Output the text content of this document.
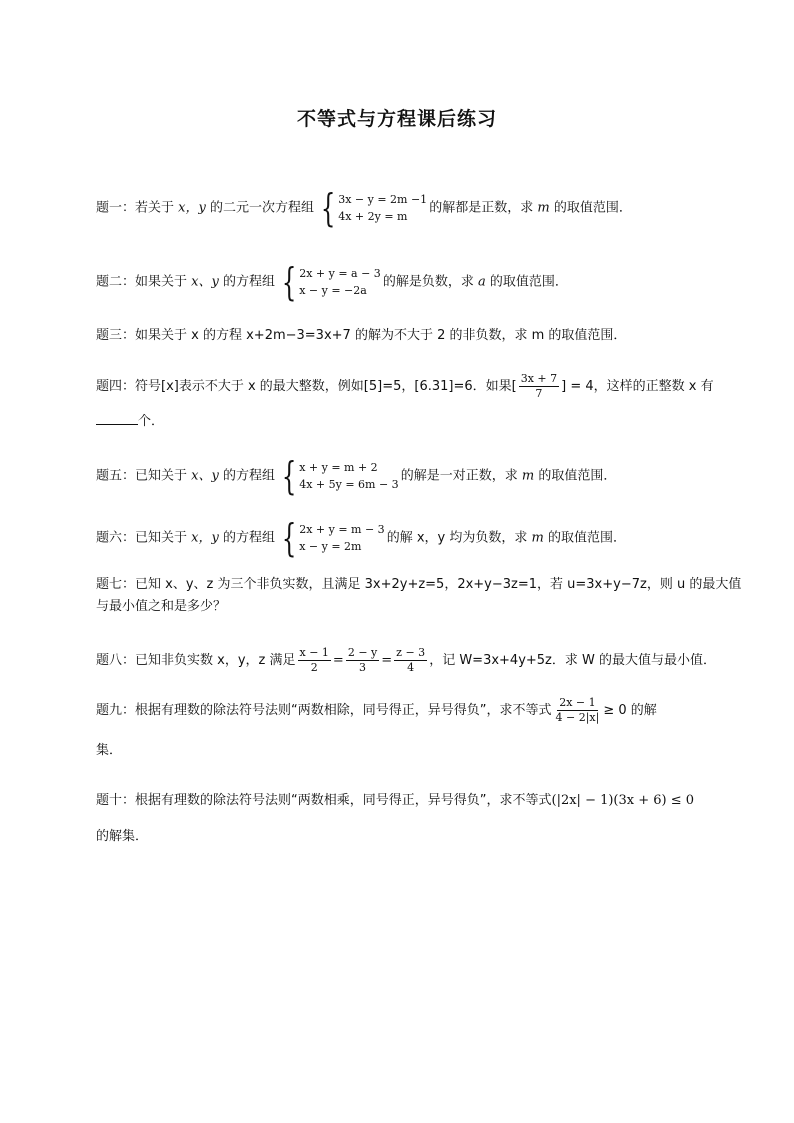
不等式与方程课后练习
题一：若关于 x，y 的二元一次方程组 { 3x − y = 2m −1
4x + 2y = m
的解都是正数，求 m 的取值范围．
题二：如果关于 x、y 的方程组 { 2x + y = a − 3
x − y = −2a
的解是负数，求 a 的取值范围．
题三：如果关于 x 的方程 x+2m−3=3x+7 的解为不大于 2 的非负数，求 m 的取值范围．
题四：符号[x]表示不大于 x 的最大整数，例如[5]=5，[6.31]=6．如果[ $\frac{3x + 7}{7}$ ] = 4，这样的正整数 x 有
个．
题五：已知关于 x、y 的方程组 { x + y = m + 2
4x + 5y = 6m − 3
的解是一对正数，求 m 的取值范围．
题六：已知关于 x，y 的方程组 { 2x + y = m − 3
x − y = 2m
的解 x，y 均为负数，求 m 的取值范围．
题七：已知 x、y、z 为三个非负实数，且满足 3x+2y+z=5，2x+y−3z=1，若 u=3x+y−7z，则 u 的最大值
与最小值之和是多少？
题八：已知非负实数 x，y，z 满足 $\frac{x - 1}{2} = \frac{2 - y}{3} = \frac{z - 3}{4}$ ，记 W=3x+4y+5z．求 W 的最大值与最小值．
题九：根据有理数的除法符号法则“两数相除，同号得正，异号得负”，求不等式 $\frac{2x - 1}{4 - 2|x|} \ge 0$ 的解
集．
题十：根据有理数的除法符号法则“两数相乘，同号得正，异号得负”，求不等式(|2x| − 1)(3x + 6) ≤ 0
的解集．
